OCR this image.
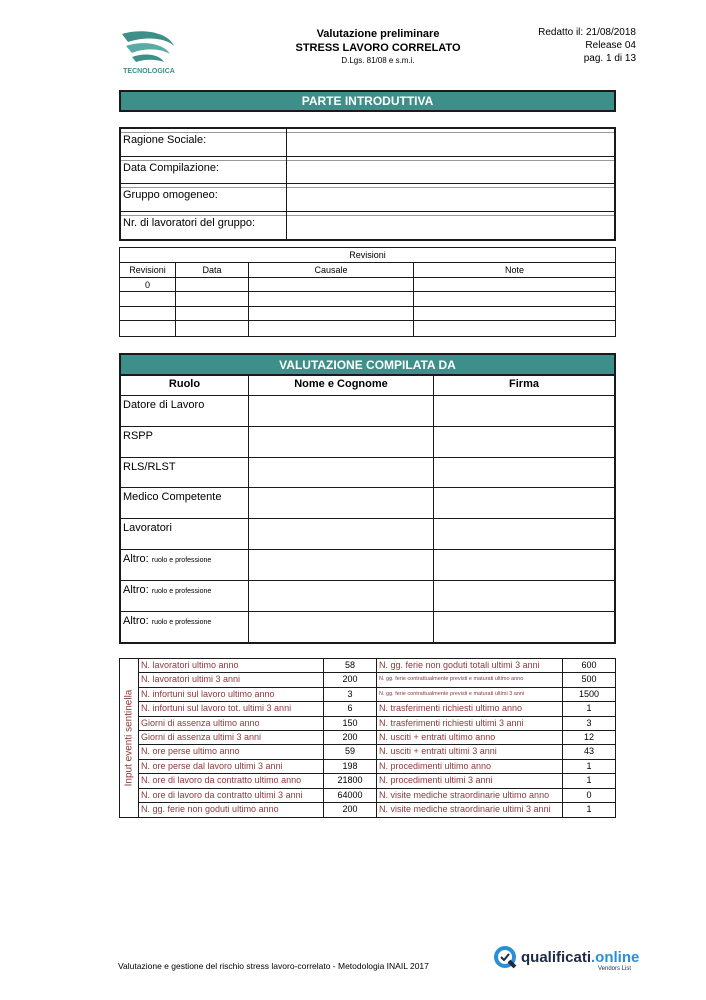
TECNOLOGICA
Valutazione preliminare
STRESS LAVORO CORRELATO
D.Lgs. 81/08 e s.m.i.
Redatto il: 21/08/2018
Release 04
pag. 1 di 13
PARTE INTRODUTTIVA
Ragione Sociale:
Data Compilazione:
Gruppo omogeneo:
Nr. di lavoratori del gruppo:
Revisioni
Revisioni	Data	Causale	Note
0
VALUTAZIONE COMPILATA DA
Ruolo	Nome e Cognome	Firma
Datore di Lavoro
RSPP
RLS/RLST
Medico Competente
Lavoratori
Altro: ruolo e professione
Altro: ruolo e professione
Altro: ruolo e professione
Input eventi sentinella
N. lavoratori ultimo anno	58	N. gg. ferie non goduti totali ultimi 3 anni	600
N. lavoratori ultimi 3 anni	200	N. gg. ferie contrattualmente previsti e maturati ultimo anno	500
N. infortuni sul lavoro ultimo anno	3	N. gg. ferie contrattualmente previsti e maturati ultimi 3 anni	1500
N. infortuni sul lavoro tot. ultimi 3 anni	6	N. trasferimenti richiesti ultimo anno	1
Giorni di assenza ultimo anno	150	N. trasferimenti richiesti ultimi 3 anni	3
Giorni di assenza ultimi 3 anni	200	N. usciti + entrati ultimo anno	12
N. ore perse ultimo anno	59	N. usciti + entrati ultimi 3 anni	43
N. ore perse dal lavoro ultimi 3 anni	198	N. procedimenti ultimo anno	1
N. ore di lavoro da contratto ultimo anno	21800	N. procedimenti ultimi 3 anni	1
N. ore di lavoro da contratto ultimi 3 anni	64000	N. visite mediche straordinarie ultimo anno	0
N. gg. ferie non goduti ultimo anno	200	N. visite mediche straordinarie ultimi 3 anni	1
Valutazione e gestione del rischio stress lavoro-correlato - Metodologia INAIL 2017	qualificati.online
Vendors List
